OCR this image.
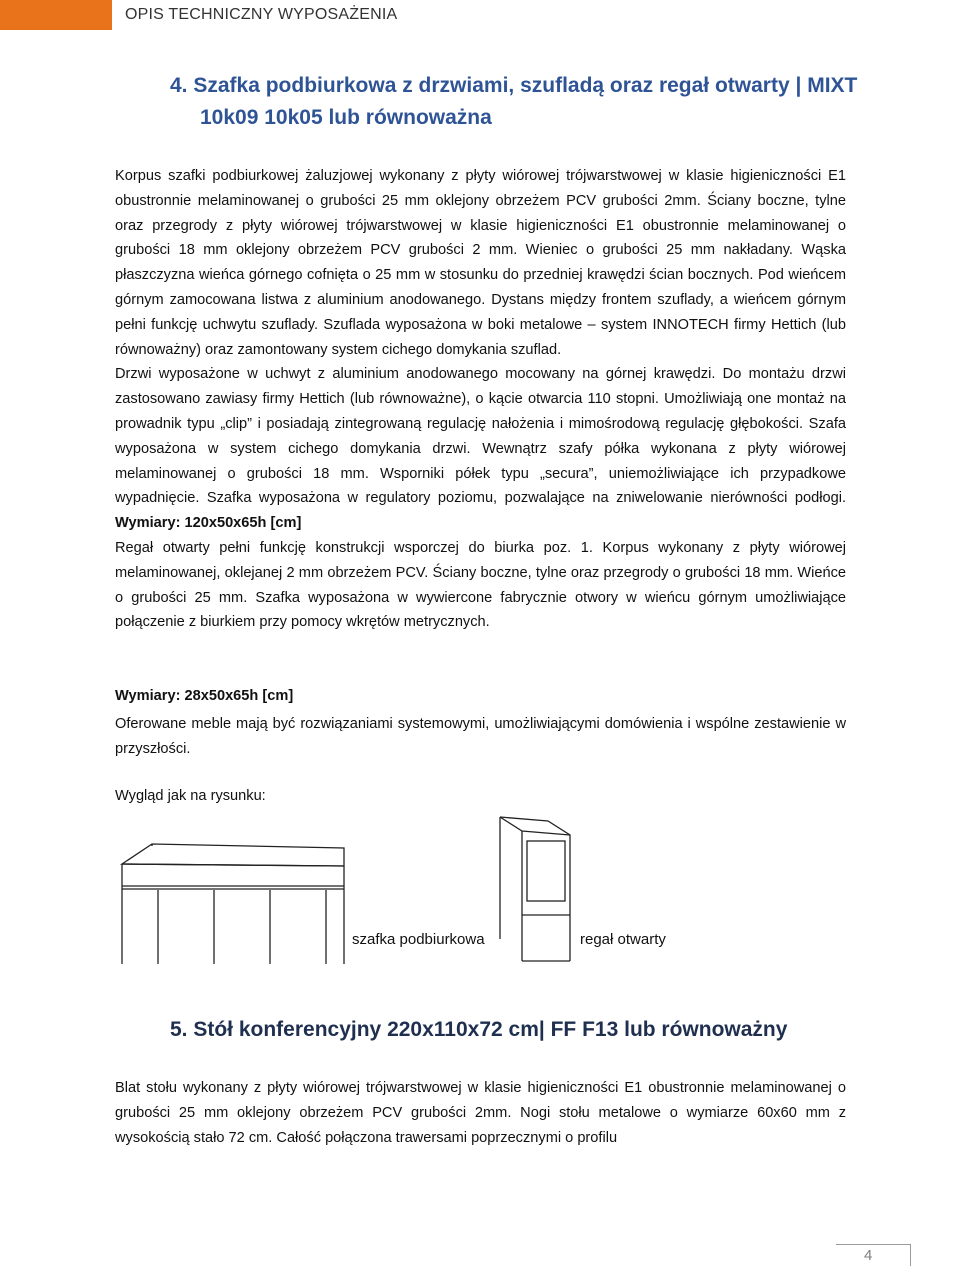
OPIS TECHNICZNY WYPOSAŻENIA
4. Szafka podbiurkowa z drzwiami, szufladą oraz regał otwarty | MIXT
10k09 10k05 lub równoważna
Korpus szafki podbiurkowej żaluzjowej wykonany z płyty wiórowej trójwarstwowej w klasie higieniczności E1 obustronnie melaminowanej o grubości 25 mm oklejony obrzeżem PCV grubości 2mm. Ściany boczne, tylne oraz przegrody z płyty wiórowej trójwarstwowej w klasie higieniczności E1 obustronnie melaminowanej o grubości 18 mm oklejony obrzeżem PCV grubości 2 mm. Wieniec o grubości 25 mm nakładany. Wąska płaszczyzna wieńca górnego cofnięta o 25 mm w stosunku do przedniej krawędzi ścian bocznych. Pod wieńcem górnym zamocowana listwa z aluminium anodowanego. Dystans między frontem szuflady, a wieńcem górnym pełni funkcję uchwytu szuflady. Szuflada wyposażona w boki metalowe – system INNOTECH firmy Hettich (lub równoważny) oraz zamontowany system cichego domykania szuflad.
Drzwi wyposażone w uchwyt z aluminium anodowanego mocowany na górnej krawędzi. Do montażu drzwi zastosowano zawiasy firmy Hettich (lub równoważne), o kącie otwarcia 110 stopni. Umożliwiają one montaż na prowadnik typu „clip” i posiadają zintegrowaną regulację nałożenia i mimośrodową regulację głębokości. Szafa wyposażona w system cichego domykania drzwi. Wewnątrz szafy półka wykonana z płyty wiórowej melaminowanej o grubości 18 mm. Wsporniki półek typu „secura”, uniemożliwiające ich przypadkowe wypadnięcie. Szafka wyposażona w regulatory poziomu, pozwalające na zniwelowanie nierówności podłogi. Wymiary: 120x50x65h [cm]
Regał otwarty pełni funkcję konstrukcji wsporczej do biurka poz. 1. Korpus wykonany z płyty wiórowej melaminowanej, oklejanej 2 mm obrzeżem PCV. Ściany boczne, tylne oraz przegrody o grubości 18 mm. Wieńce o grubości 25 mm. Szafka wyposażona w wywiercone fabrycznie otwory w wieńcu górnym umożliwiające połączenie z biurkiem przy pomocy wkrętów metrycznych.
Wymiary: 28x50x65h [cm]
Oferowane meble mają być rozwiązaniami systemowymi, umożliwiającymi domówienia i wspólne zestawienie w przyszłości.
Wygląd jak na rysunku:
szafka podbiurkowa	regał otwarty
5. Stół konferencyjny 220x110x72 cm| FF F13 lub równoważny
Blat stołu wykonany z płyty wiórowej trójwarstwowej w klasie higieniczności E1 obustronnie melaminowanej o grubości 25 mm oklejony obrzeżem PCV grubości 2mm. Nogi stołu metalowe o wymiarze 60x60 mm z wysokością stało 72 cm. Całość połączona trawersami poprzecznymi o profilu
4
